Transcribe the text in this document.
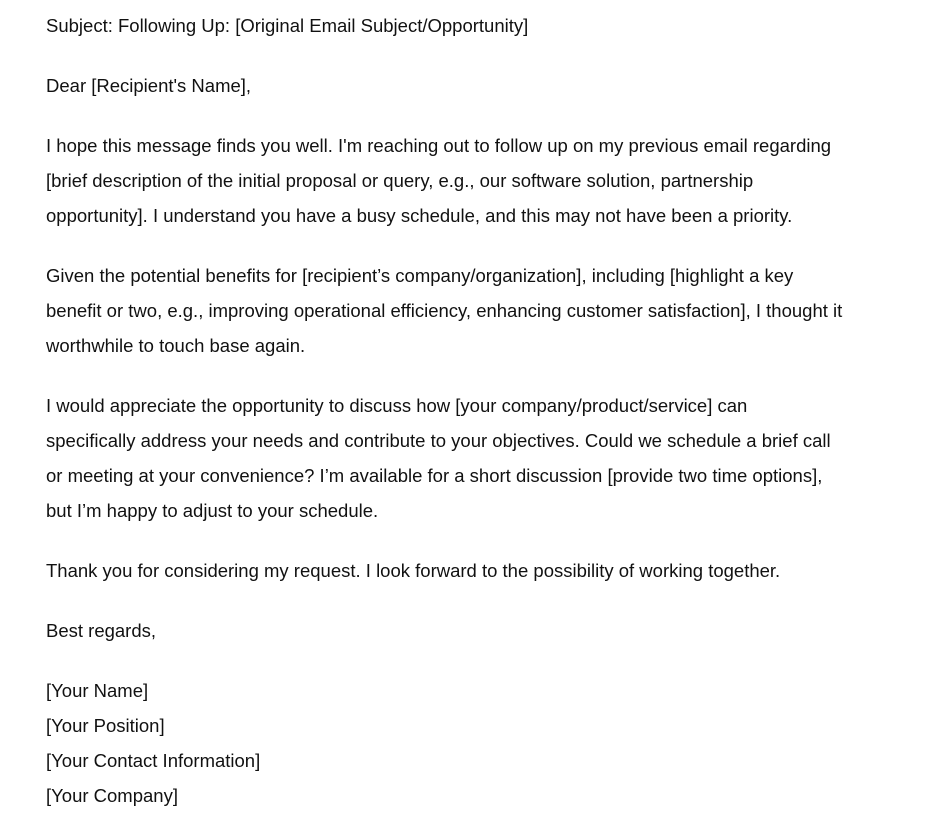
Subject: Following Up: [Original Email Subject/Opportunity]

Dear [Recipient's Name],

I hope this message finds you well. I'm reaching out to follow up on my previous email regarding
[brief description of the initial proposal or query, e.g., our software solution, partnership
opportunity]. I understand you have a busy schedule, and this may not have been a priority.

Given the potential benefits for [recipient’s company/organization], including [highlight a key
benefit or two, e.g., improving operational efficiency, enhancing customer satisfaction], I thought it
worthwhile to touch base again.

I would appreciate the opportunity to discuss how [your company/product/service] can
specifically address your needs and contribute to your objectives. Could we schedule a brief call
or meeting at your convenience? I’m available for a short discussion [provide two time options],
but I’m happy to adjust to your schedule.

Thank you for considering my request. I look forward to the possibility of working together.

Best regards,

[Your Name]

[Your Position]

[Your Contact Information]

[Your Company]
